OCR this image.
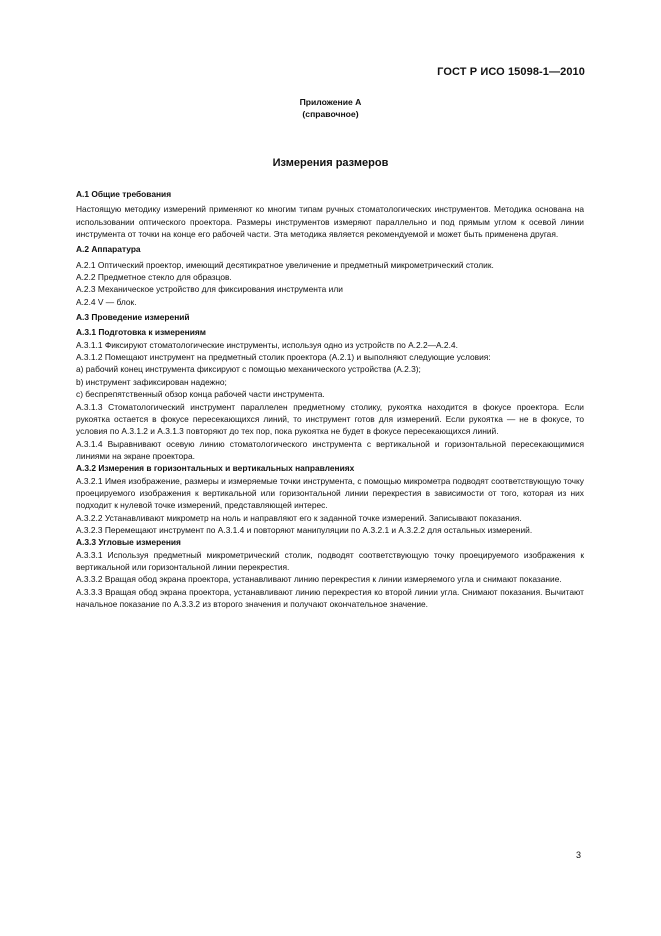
ГОСТ Р ИСО 15098-1—2010
Приложение А
(справочное)
Измерения размеров

А.1 Общие требования

Настоящую методику измерений применяют ко многим типам ручных стоматологических инструментов. Методика основана на использовании оптического проектора. Размеры инструментов измеряют параллельно и под прямым углом к осевой линии инструмента от точки на конце его рабочей части. Эта методика является рекомендуемой и может быть применена другая.

А.2 Аппаратура

А.2.1 Оптический проектор, имеющий десятикратное увеличение и предметный микрометрический столик.

А.2.2 Предметное стекло для образцов.

А.2.3 Механическое устройство для фиксирования инструмента или

А.2.4 V — блок.

А.3 Проведение измерений

А.3.1 Подготовка к измерениям

А.3.1.1 Фиксируют стоматологические инструменты, используя одно из устройств по А.2.2—А.2.4.

А.3.1.2 Помещают инструмент на предметный столик проектора (А.2.1) и выполняют следующие условия:

а) рабочий конец инструмента фиксируют с помощью механического устройства (А.2.3);

b) инструмент зафиксирован надежно;

c) беспрепятственный обзор конца рабочей части инструмента.

А.3.1.3 Стоматологический инструмент параллелен предметному столику, рукоятка находится в фокусе проектора. Если рукоятка остается в фокусе пересекающихся линий, то инструмент готов для измерений. Если рукоятка — не в фокусе, то условия по А.3.1.2 и А.3.1.3 повторяют до тех пор, пока рукоятка не будет в фокусе пересекающихся линий.

А.3.1.4 Выравнивают осевую линию стоматологического инструмента с вертикальной и горизонтальной пересекающимися линиями на экране проектора.

А.3.2 Измерения в горизонтальных и вертикальных направлениях

А.3.2.1 Имея изображение, размеры и измеряемые точки инструмента, с помощью микрометра подводят соответствующую точку проецируемого изображения к вертикальной или горизонтальной линии перекрестия в зависимости от того, которая из них подходит к нулевой точке измерений, представляющей интерес.

А.3.2.2 Устанавливают микрометр на ноль и направляют его к заданной точке измерений. Записывают показания.

А.3.2.3 Перемещают инструмент по А.3.1.4 и повторяют манипуляции по А.3.2.1 и А.3.2.2 для остальных измерений.

А.3.3 Угловые измерения

А.3.3.1 Используя предметный микрометрический столик, подводят соответствующую точку проецируемого изображения к вертикальной или горизонтальной линии перекрестия.

А.3.3.2 Вращая обод экрана проектора, устанавливают линию перекрестия к линии измеряемого угла и снимают показание.

А.3.3.3 Вращая обод экрана проектора, устанавливают линию перекрестия ко второй линии угла. Снимают показания. Вычитают начальное показание по А.3.3.2 из второго значения и получают окончательное значение.

3
